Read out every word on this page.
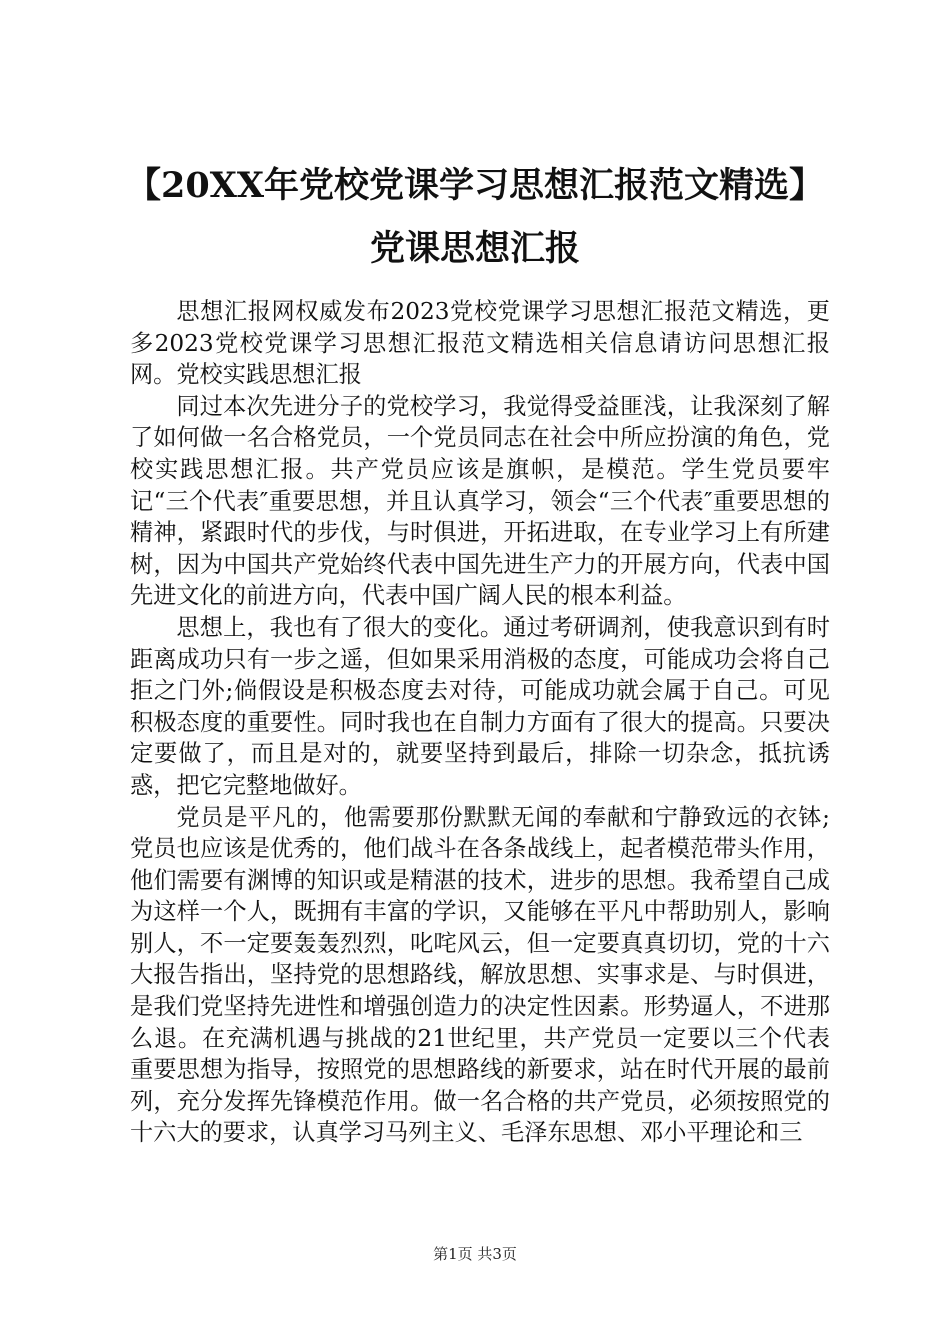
【20XX年党校党课学习思想汇报范文精选】
党课思想汇报

思想汇报网权威发布2023党校党课学习思想汇报范文精选，更多2023党校党课学习思想汇报范文精选相关信息请访问思想汇报网。党校实践思想汇报

同过本次先进分子的党校学习，我觉得受益匪浅，让我深刻了解了如何做一名合格党员，一个党员同志在社会中所应扮演的角色，党校实践思想汇报。共产党员应该是旗帜，是模范。学生党员要牢记“三个代表″重要思想，并且认真学习，领会“三个代表″重要思想的精神，紧跟时代的步伐，与时俱进，开拓进取，在专业学习上有所建树，因为中国共产党始终代表中国先进生产力的开展方向，代表中国先进文化的前进方向，代表中国广阔人民的根本利益。

思想上，我也有了很大的变化。通过考研调剂，使我意识到有时距离成功只有一步之遥，但如果采用消极的态度，可能成功会将自己拒之门外;倘假设是积极态度去对待，可能成功就会属于自己。可见积极态度的重要性。同时我也在自制力方面有了很大的提高。只要决定要做了，而且是对的，就要坚持到最后，排除一切杂念，抵抗诱惑，把它完整地做好。

党员是平凡的，他需要那份默默无闻的奉献和宁静致远的衣钵;党员也应该是优秀的，他们战斗在各条战线上，起者模范带头作用，他们需要有渊博的知识或是精湛的技术，进步的思想。我希望自己成为这样一个人，既拥有丰富的学识，又能够在平凡中帮助别人，影响别人，不一定要轰轰烈烈，叱咤风云，但一定要真真切切，党的十六大报告指出，坚持党的思想路线，解放思想、实事求是、与时俱进，是我们党坚持先进性和增强创造力的决定性因素。形势逼人，不进那么退。在充满机遇与挑战的21世纪里，共产党员一定要以三个代表重要思想为指导，按照党的思想路线的新要求，站在时代开展的最前列，充分发挥先锋模范作用。做一名合格的共产党员，必须按照党的十六大的要求，认真学习马列主义、毛泽东思想、邓小平理论和三

第1页 共3页
